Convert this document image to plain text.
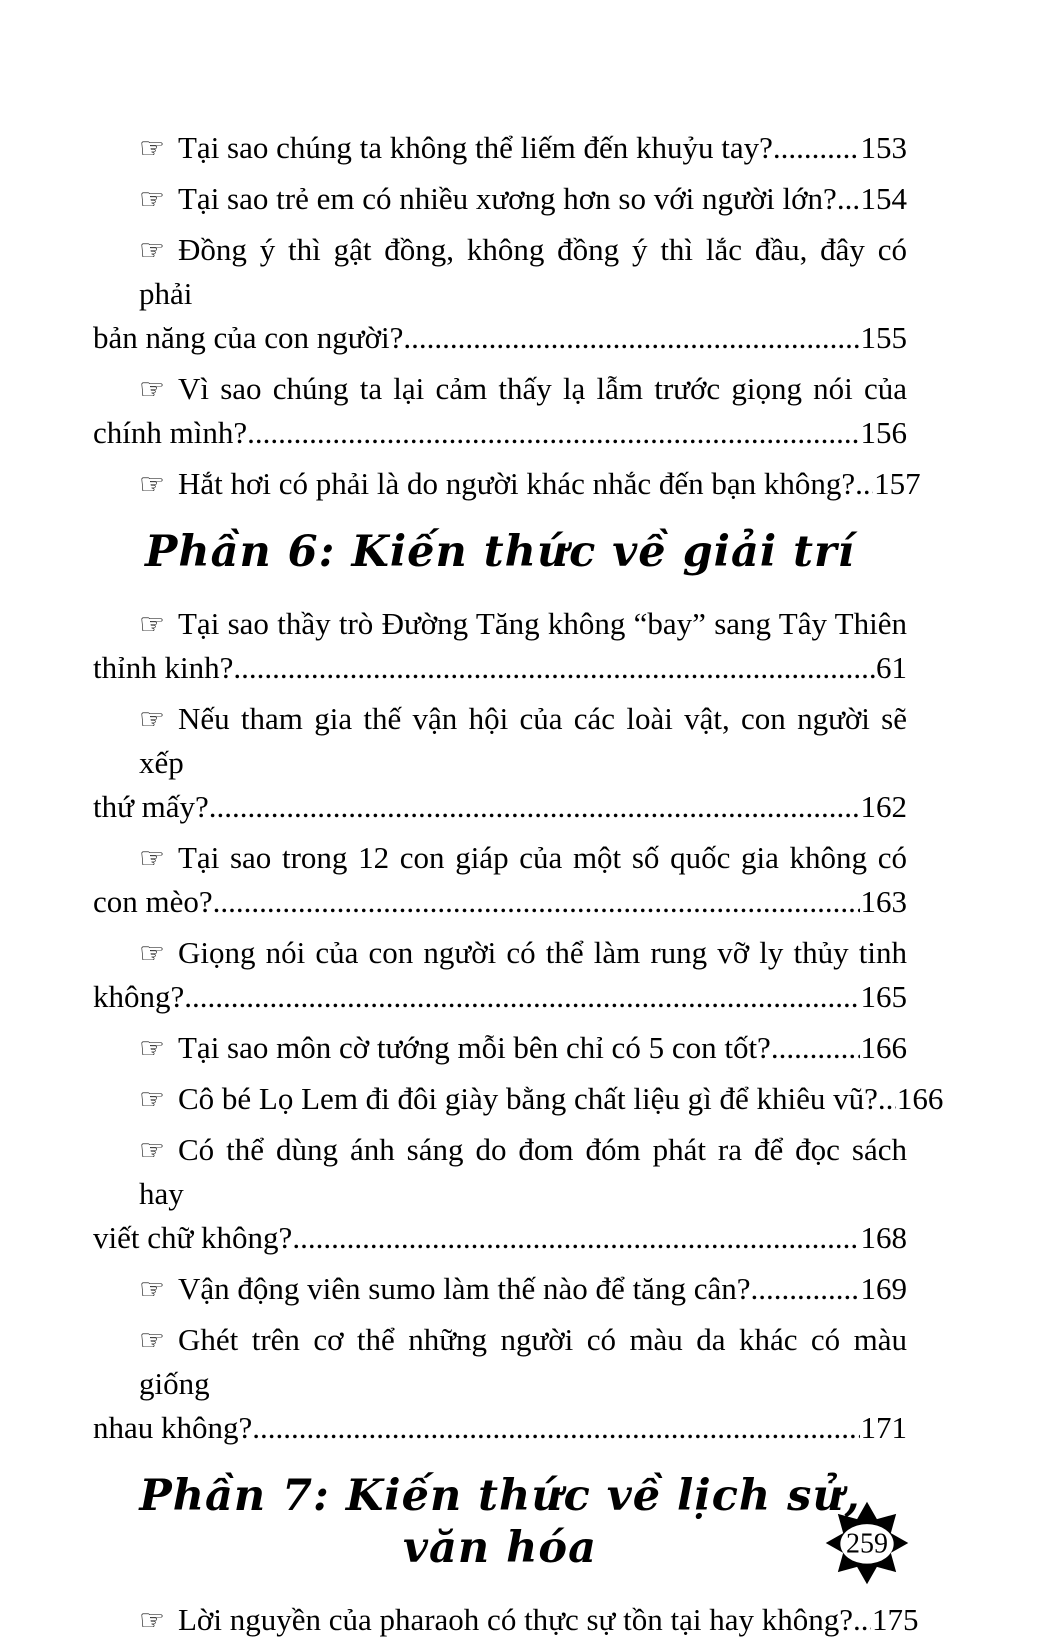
☞ Tại sao chúng ta không thể liếm đến khuỷu tay? .....	153
☞ Tại sao trẻ em có nhiều xương hơn so với người lớn? ..... 154
☞ Đồng ý thì gật đồng, không đồng ý thì lắc đầu, đây có phải
bản năng của con người? .....	155
☞ Vì sao chúng ta lại cảm thấy lạ lẫm trước giọng nói của
chính mình? .....	156
☞ Hắt hơi có phải là do người khác nhắc đến bạn không? ..... 157
Phần 6: Kiến thức về giải trí
☞ Tại sao thầy trò Đường Tăng không “bay” sang Tây Thiên
thỉnh kinh? .....	61
☞ Nếu tham gia thế vận hội của các loài vật, con người sẽ xếp
thứ mấy? .....	162
☞ Tại sao trong 12 con giáp của một số quốc gia không có
con mèo? .....	163
☞ Giọng nói của con người có thể làm rung vỡ ly thủy tinh
không? .....	165
☞ Tại sao môn cờ tướng mỗi bên chỉ có 5 con tốt? .....	166
☞ Cô bé Lọ Lem đi đôi giày bằng chất liệu gì để khiêu vũ? ..... 166
☞ Có thể dùng ánh sáng do đom đóm phát ra để đọc sách hay
viết chữ không? .....	168
☞ Vận động viên sumo làm thế nào để tăng cân? .....	169
☞ Ghét trên cơ thể những người có màu da khác có màu giống
nhau không? .....	171
Phần 7: Kiến thức về lịch sử, văn hóa
☞ Lời nguyền của pharaoh có thực sự tồn tại hay không? ..... 175
259
